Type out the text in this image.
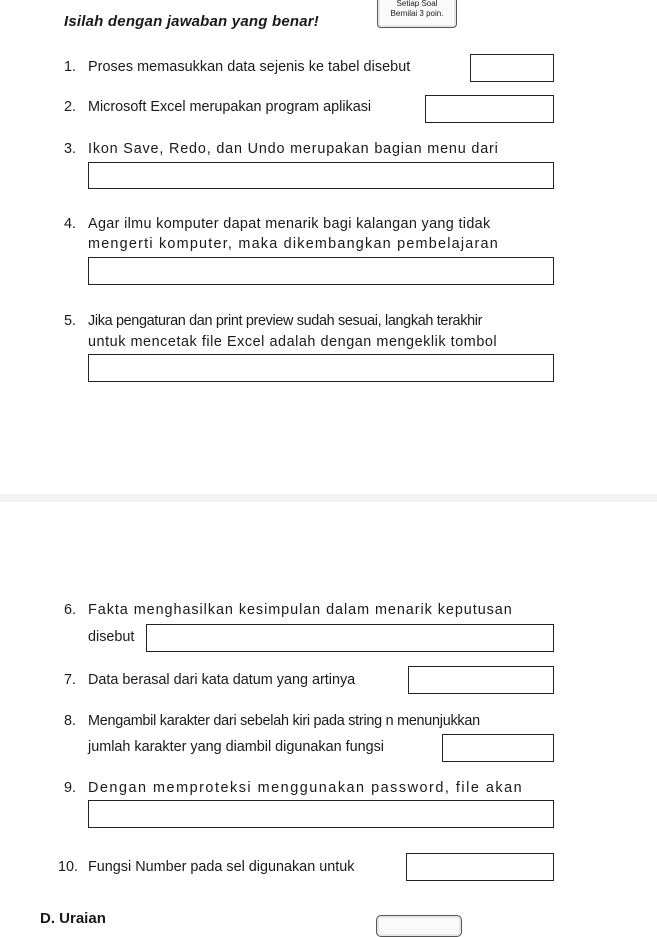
Isilah dengan jawaban yang benar!
Setiap Soal
Bernilai 3 poin.
1. Proses memasukkan data sejenis ke tabel disebut
2. Microsoft Excel merupakan program aplikasi
3. Ikon Save, Redo, dan Undo merupakan bagian menu dari
4. Agar ilmu komputer dapat menarik bagi kalangan yang tidak
mengerti komputer, maka dikembangkan pembelajaran
5. Jika pengaturan dan print preview sudah sesuai, langkah terakhir
untuk mencetak file Excel adalah dengan mengeklik tombol
6. Fakta menghasilkan kesimpulan dalam menarik keputusan
disebut
7. Data berasal dari kata datum yang artinya
8. Mengambil karakter dari sebelah kiri pada string n menunjukkan
jumlah karakter yang diambil digunakan fungsi
9. Dengan memproteksi menggunakan password, file akan
10. Fungsi Number pada sel digunakan untuk
D. Uraian
